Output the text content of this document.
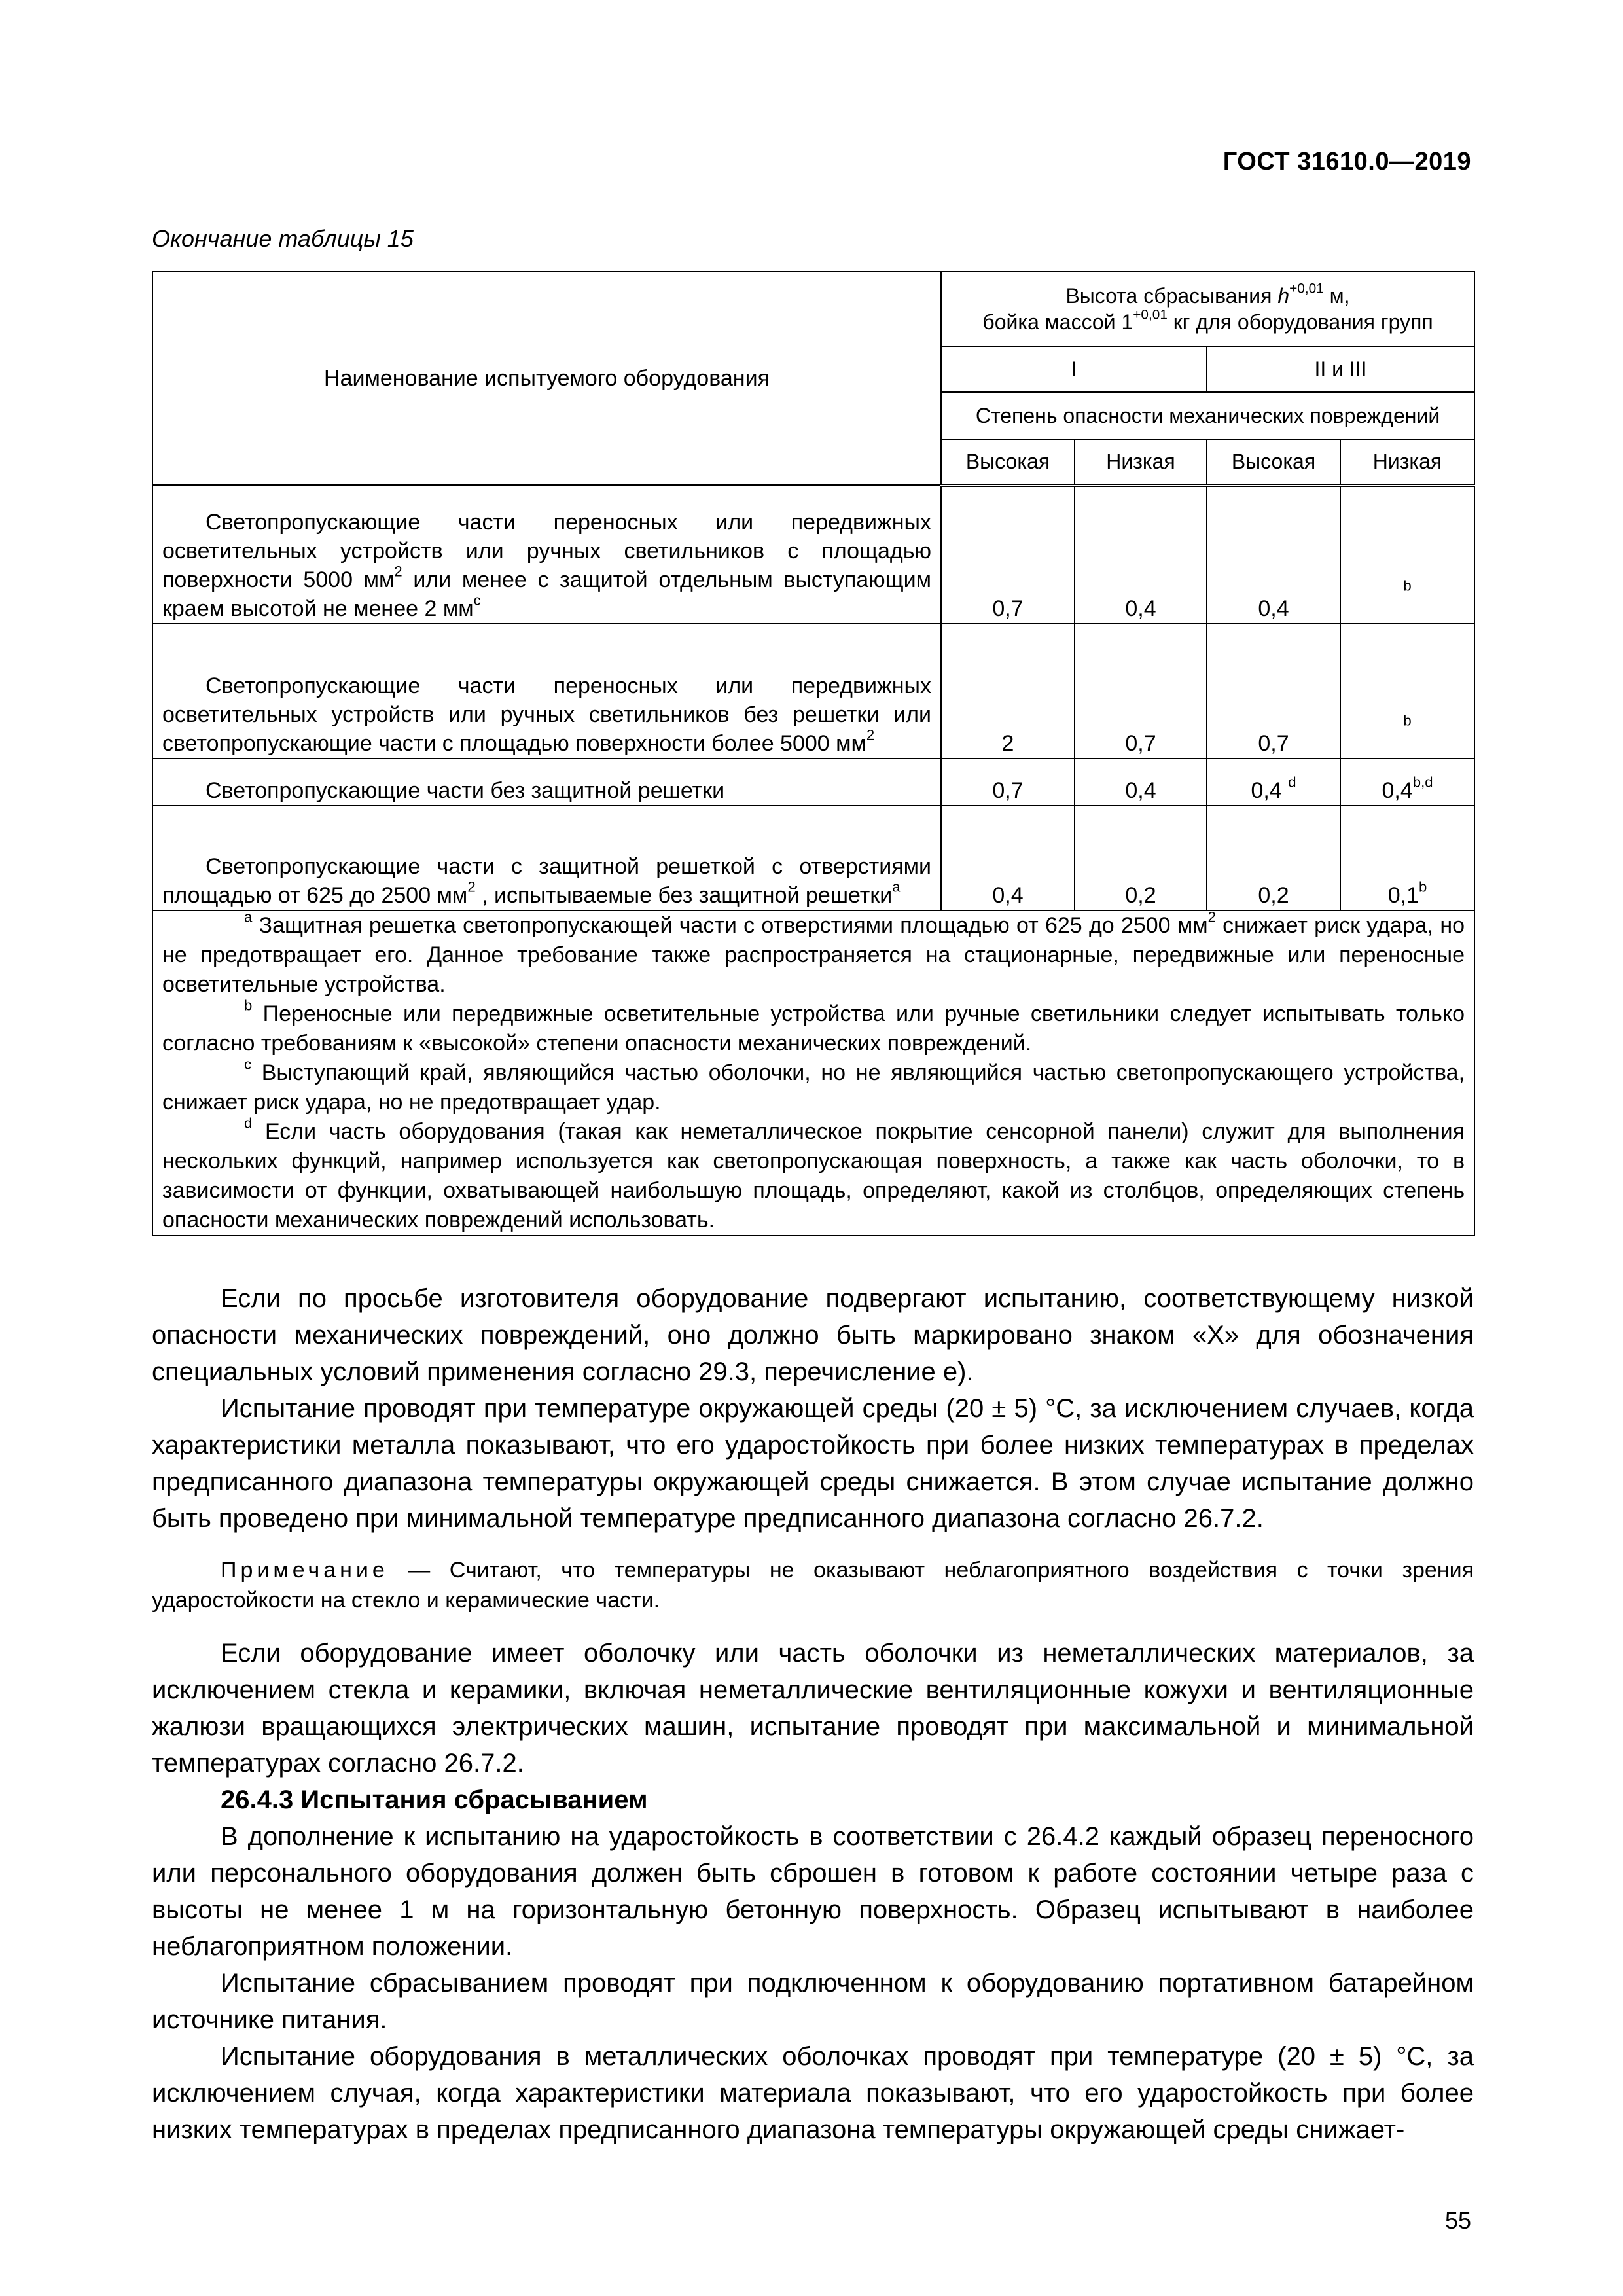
ГОСТ 31610.0—2019
Окончание таблицы 15
Наименование испытуемого оборудования	Высота сбрасывания $h^{+0,01}$ м,
бойка массой $1^{+0,01}$ кг для оборудования групп			
	I		II и III	
	Степень опасности механических повреждений			
	Высокая	Низкая	Высокая	Низкая
Светопропускающие части переносных или передвижных осветительных устройств или ручных светильников с площадью поверхности 5000 $мм^2$ или менее с защитой отдельным выступающим краем высотой не менее 2 $мм^c$	0,7	0,4	0,4	$^b$
Светопропускающие части переносных или передвижных осветительных устройств или ручных светильников без решетки или светопропускающие части с площадью поверхности более 5000 $мм^2$	2	0,7	0,7	$^b$
Светопропускающие части без защитной решетки	0,7	0,4	0,4 $^d$	0,4$^{b,d}$
Светопропускающие части с защитной решеткой с отверстиями площадью от 625 до 2500 $мм^2$ , испытываемые без защитной решетки$^a$	0,4	0,2	0,2	0,1$^b$

$^a$ Защитная решетка светопропускающей части с отверстиями площадью от 625 до 2500 $мм^2$ снижает риск удара, но не предотвращает его. Данное требование также распространяется на стационарные, передвижные или переносные осветительные устройства.

$^b$ Переносные или передвижные осветительные устройства или ручные светильники следует испытывать только согласно требованиям к «высокой» степени опасности механических повреждений.

$^c$ Выступающий край, являющийся частью оболочки, но не являющийся частью светопропускающего устройства, снижает риск удара, но не предотвращает удар.

$^d$ Если часть оборудования (такая как неметаллическое покрытие сенсорной панели) служит для выполнения нескольких функций, например используется как светопропускающая поверхность, а также как часть оболочки, то в зависимости от функции, охватывающей наибольшую площадь, определяют, какой из столбцов, определяющих степень опасности механических повреждений использовать.				

Если по просьбе изготовителя оборудование подвергают испытанию, соответствующему низкой опасности механических повреждений, оно должно быть маркировано знаком «X» для обозначения специальных условий применения согласно 29.3, перечисление е).

Испытание проводят при температуре окружающей среды (20 ± 5) °C, за исключением случаев, когда характеристики металла показывают, что его ударостойкость при более низких температурах в пределах предписанного диапазона температуры окружающей среды снижается. В этом случае испытание должно быть проведено при минимальной температуре предписанного диапазона согласно 26.7.2.

Примечание — Считают, что температуры не оказывают неблагоприятного воздействия с точки зрения ударостойкости на стекло и керамические части.

Если оборудование имеет оболочку или часть оболочки из неметаллических материалов, за исключением стекла и керамики, включая неметаллические вентиляционные кожухи и вентиляционные жалюзи вращающихся электрических машин, испытание проводят при максимальной и минимальной температурах согласно 26.7.2.

26.4.3 Испытания сбрасыванием

В дополнение к испытанию на ударостойкость в соответствии с 26.4.2 каждый образец переносного или персонального оборудования должен быть сброшен в готовом к работе состоянии четыре раза с высоты не менее 1 м на горизонтальную бетонную поверхность. Образец испытывают в наиболее неблагоприятном положении.

Испытание сбрасыванием проводят при подключенном к оборудованию портативном батарейном источнике питания.

Испытание оборудования в металлических оболочках проводят при температуре (20 ± 5) °C, за исключением случая, когда характеристики материала показывают, что его ударостойкость при более низких температурах в пределах предписанного диапазона температуры окружающей среды снижает-

55
